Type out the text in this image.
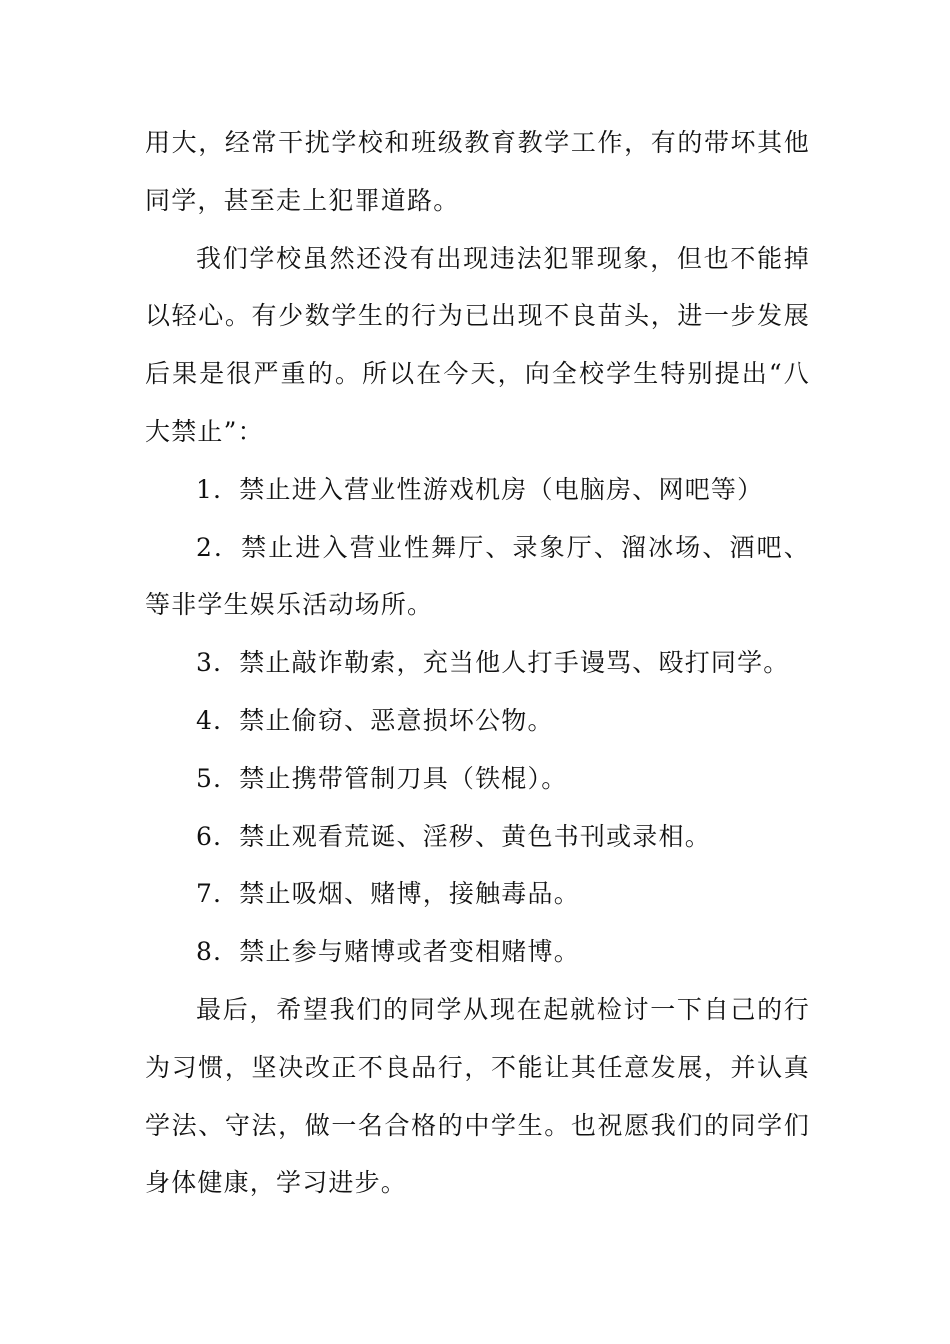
用大，经常干扰学校和班级教育教学工作，有的带坏其他同学，甚至走上犯罪道路。

我们学校虽然还没有出现违法犯罪现象，但也不能掉以轻心。有少数学生的行为已出现不良苗头，进一步发展后果是很严重的。所以在今天，向全校学生特别提出“八大禁止”：

1．禁止进入营业性游戏机房（电脑房、网吧等）

2．禁止进入营业性舞厅、录象厅、溜冰场、酒吧、等非学生娱乐活动场所。

3．禁止敲诈勒索，充当他人打手谩骂、殴打同学。

4．禁止偷窃、恶意损坏公物。

5．禁止携带管制刀具（铁棍）。

6．禁止观看荒诞、淫秽、黄色书刊或录相。

7．禁止吸烟、赌博，接触毒品。

8．禁止参与赌博或者变相赌博。

最后，希望我们的同学从现在起就检讨一下自己的行为习惯，坚决改正不良品行，不能让其任意发展，并认真学法、守法，做一名合格的中学生。也祝愿我们的同学们身体健康，学习进步。
